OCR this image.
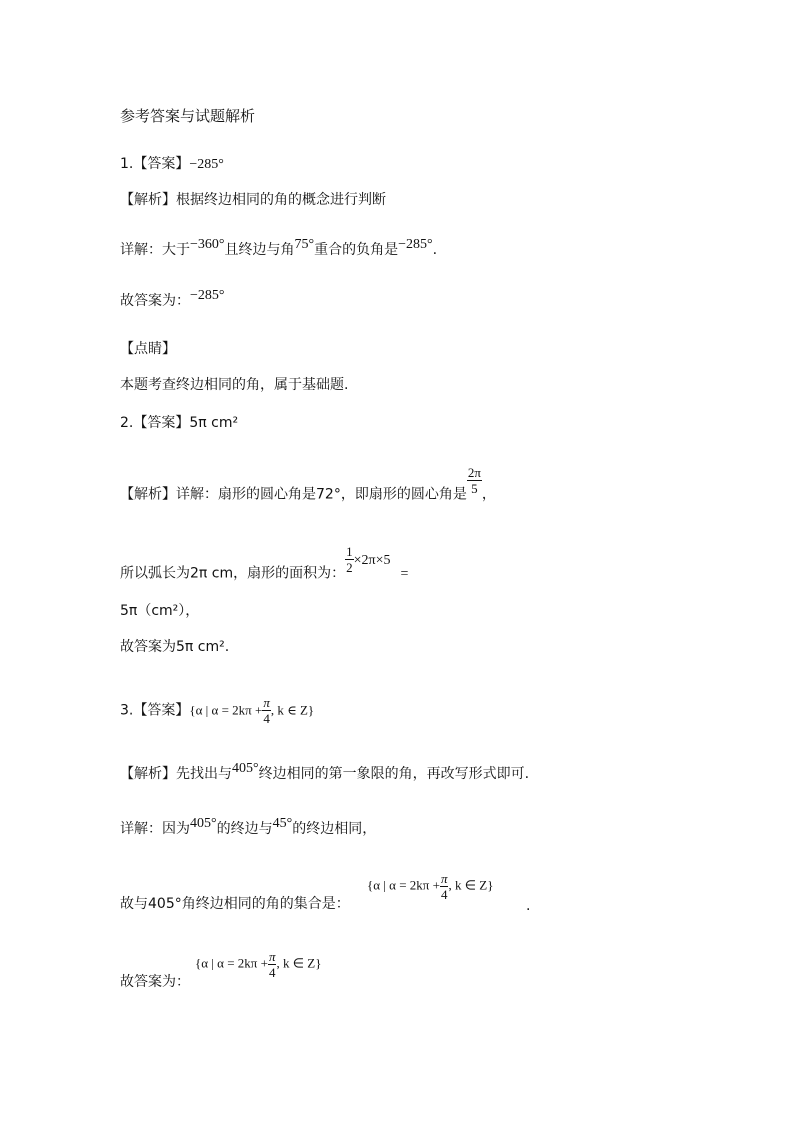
参考答案与试题解析
1.【答案】−285°
【解析】根据终边相同的角的概念进行判断
详解：大于−360°且终边与角75°重合的负角是−285°.
故答案为：−285°
【点睛】
本题考查终边相同的角，属于基础题.
2.【答案】5π cm²
【解析】详解：扇形的圆心角是72°，即扇形的圆心角是 $\frac{2\pi}{5}$ ，
所以弧长为2π cm，扇形的面积为： $\frac{1}{2} \times 2\pi\times 5=$
5π（cm²），
故答案为5π cm².
3.【答案】{α | $\alpha = 2k\pi + \frac{\pi}{4}$ , k ∈ Z}
【解析】先找出与405°终边相同的第一象限的角，再改写形式即可.
详解：因为405°的终边与45°的终边相同，
故与405°角终边相同的角的集合是：
{α | $\alpha = 2k\pi + \frac{\pi}{4}$ , k ∈ Z}
.
故答案为：
{α | $\alpha = 2k\pi + \frac{\pi}{4}$ , k ∈ Z}
